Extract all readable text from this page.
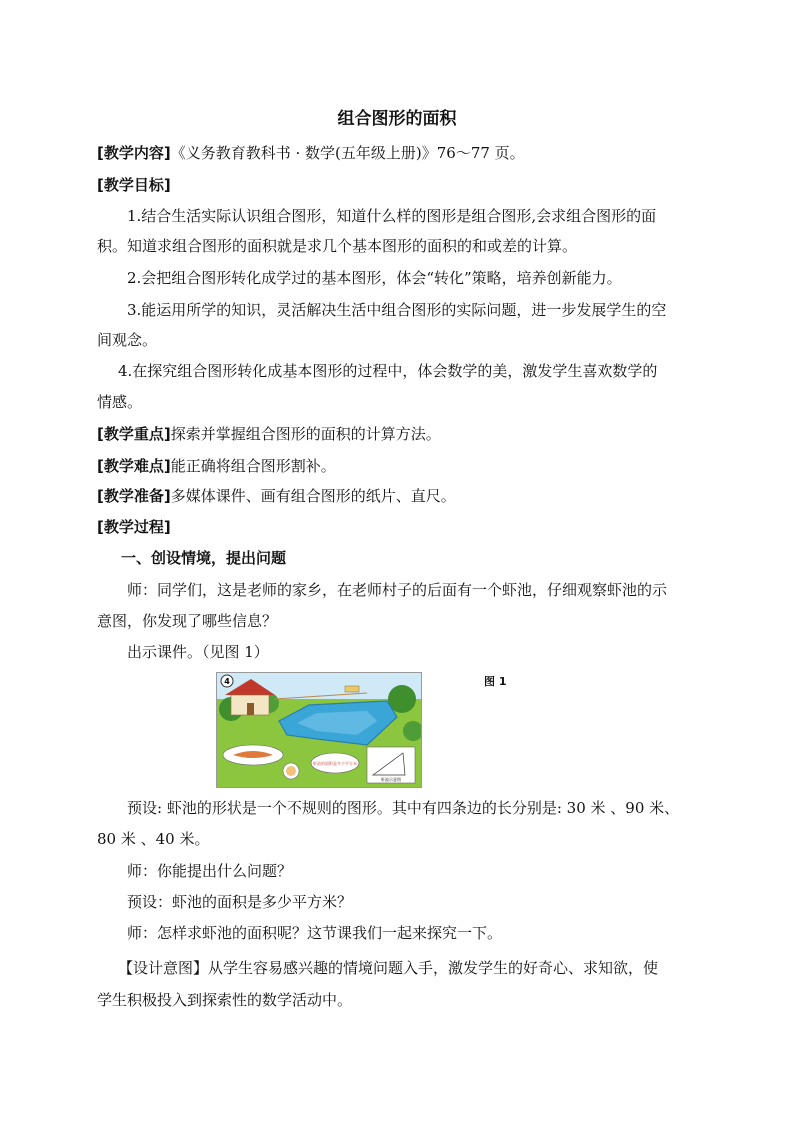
组合图形的面积
[教学内容]《义务教育教科书 · 数学(五年级上册)》76～77 页。
[教学目标]
1.结合生活实际认识组合图形，知道什么样的图形是组合图形,会求组合图形的面
积。知道求组合图形的面积就是求几个基本图形的面积的和或差的计算。
2.会把组合图形转化成学过的基本图形，体会“转化”策略，培养创新能力。
3.能运用所学的知识，灵活解决生活中组合图形的实际问题，进一步发展学生的空
间观念。
4.在探究组合图形转化成基本图形的过程中，体会数学的美，激发学生喜欢数学的
情感。
[教学重点]探索并掌握组合图形的面积的计算方法。
[教学难点]能正确将组合图形割补。
[教学准备]多媒体课件、画有组合图形的纸片、直尺。
[教学过程]
一、创设情境，提出问题
师：同学们，这是老师的家乡，在老师村子的后面有一个虾池，仔细观察虾池的示
意图，你发现了哪些信息？
出示课件。（见图 1）
4
虾池的面积是多少平方米
虾池示意图
图 1
预设: 虾池的形状是一个不规则的图形。其中有四条边的长分别是: 30 米 、90 米、
80 米 、40 米。
师：你能提出什么问题？
预设：虾池的面积是多少平方米？
师：怎样求虾池的面积呢？这节课我们一起来探究一下。
【设计意图】从学生容易感兴趣的情境问题入手，激发学生的好奇心、求知欲，使
学生积极投入到探索性的数学活动中。
